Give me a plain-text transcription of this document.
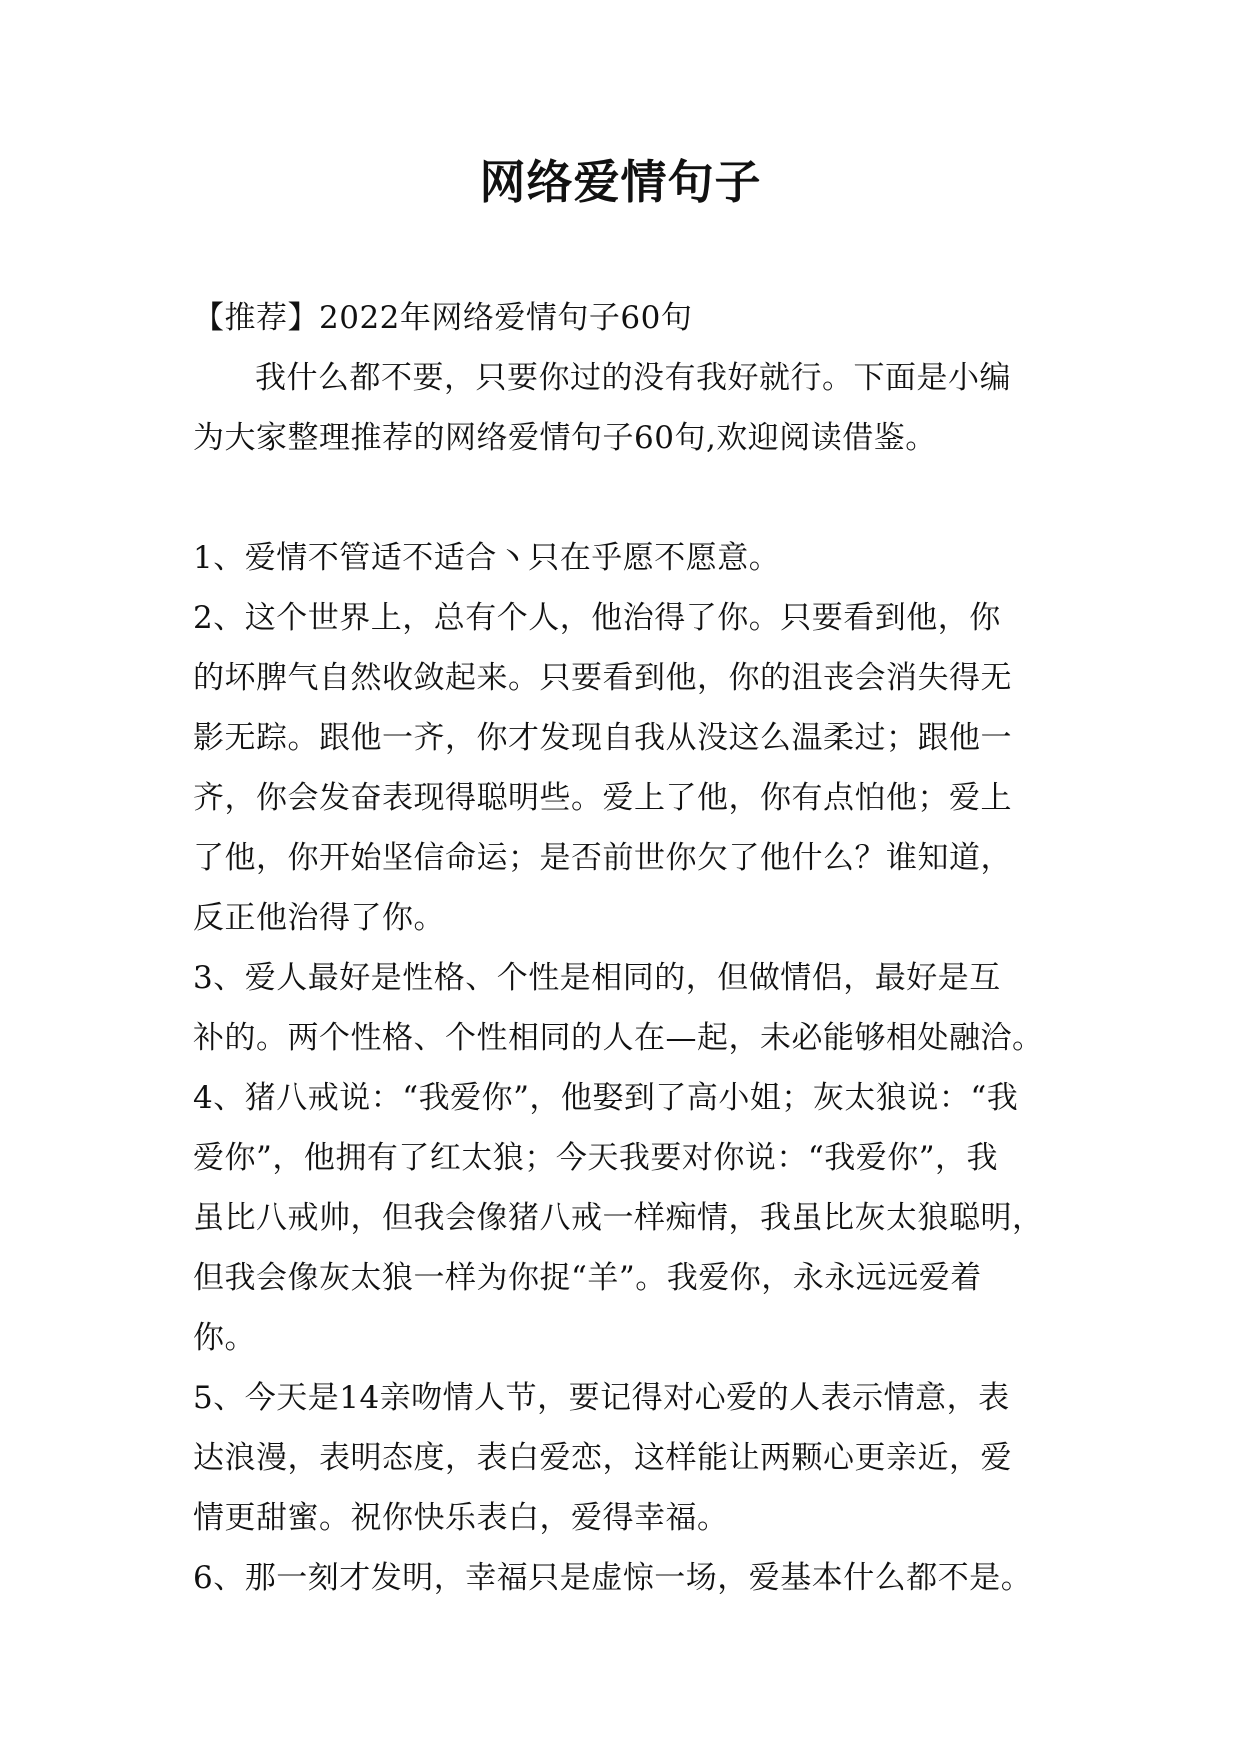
网络爱情句子
【推荐】2022年网络爱情句子60句
我什么都不要，只要你过的没有我好就行。下面是小编
为大家整理推荐的网络爱情句子60句,欢迎阅读借鉴。
1、爱情不管适不适合丶只在乎愿不愿意。
2、这个世界上，总有个人，他治得了你。只要看到他，你
的坏脾气自然收敛起来。只要看到他，你的沮丧会消失得无
影无踪。跟他一齐，你才发现自我从没这么温柔过；跟他一
齐，你会发奋表现得聪明些。爱上了他，你有点怕他；爱上
了他，你开始坚信命运；是否前世你欠了他什么？谁知道，
反正他治得了你。
3、爱人最好是性格、个性是相同的，但做情侣，最好是互
补的。两个性格、个性相同的人在—起，未必能够相处融洽。
4、猪八戒说：“我爱你”，他娶到了高小姐；灰太狼说：“我
爱你”，他拥有了红太狼；今天我要对你说：“我爱你”，我
虽比八戒帅，但我会像猪八戒一样痴情，我虽比灰太狼聪明，
但我会像灰太狼一样为你捉“羊”。我爱你，永永远远爱着
你。
5、今天是14亲吻情人节，要记得对心爱的人表示情意，表
达浪漫，表明态度，表白爱恋，这样能让两颗心更亲近，爱
情更甜蜜。祝你快乐表白，爱得幸福。
6、那一刻才发明，幸福只是虚惊一场，爱基本什么都不是。
